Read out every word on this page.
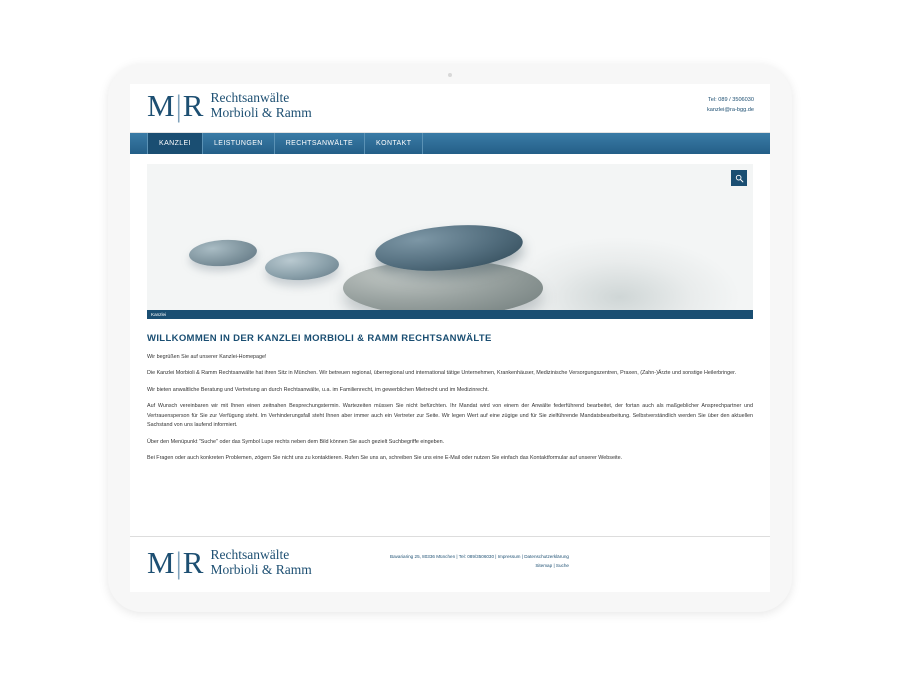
M|R Rechtsanwälte
Morbioli & Ramm
Tel: 089 / 3506030
kanzlei@ra-bgg.de
KANZLEI	LEISTUNGEN	RECHTSANWÄLTE	KONTAKT
Kanzlei
WILLKOMMEN IN DER KANZLEI MORBIOLI & RAMM RECHTSANWÄLTE

Wir begrüßen Sie auf unserer Kanzlei-Homepage!

Die Kanzlei Morbioli & Ramm Rechtsanwälte hat ihren Sitz in München. Wir betreuen regional, überregional und international tätige Unternehmen, Krankenhäuser, Medizinische Versorgungszentren, Praxen, (Zahn-)Ärzte und sonstige Heilerbringer.

Wir bieten anwaltliche Beratung und Vertretung an durch Rechtsanwälte, u.a. im Familienrecht, im gewerblichen Mietrecht und im Medizinrecht.

Auf Wunsch vereinbaren wir mit Ihnen einen zeitnahen Besprechungstermin. Wartezeiten müssen Sie nicht befürchten. Ihr Mandat wird von einem der Anwälte federführend bearbeitet, der fortan auch als maßgeblicher Ansprechpartner und Vertrauensperson für Sie zur Verfügung steht. Im Verhinderungsfall steht Ihnen aber immer auch ein Vertreter zur Seite. Wir legen Wert auf eine zügige und für Sie zielführende Mandatsbearbeitung. Selbstverständlich werden Sie über den aktuellen Sachstand von uns laufend informiert.

Über den Menüpunkt "Suche" oder das Symbol Lupe rechts neben dem Bild können Sie auch gezielt Suchbegriffe eingeben.

Bei Fragen oder auch konkreten Problemen, zögern Sie nicht uns zu kontaktieren. Rufen Sie uns an, schreiben Sie uns eine E-Mail oder nutzen Sie einfach das Kontaktformular auf unserer Webseite.

M|R Rechtsanwälte
Morbioli & Ramm
Bavariaring 25, 80336 München | Tel: 089/3506030 | Impressum | Datenschutzerklärung
Sitemap | Suche
